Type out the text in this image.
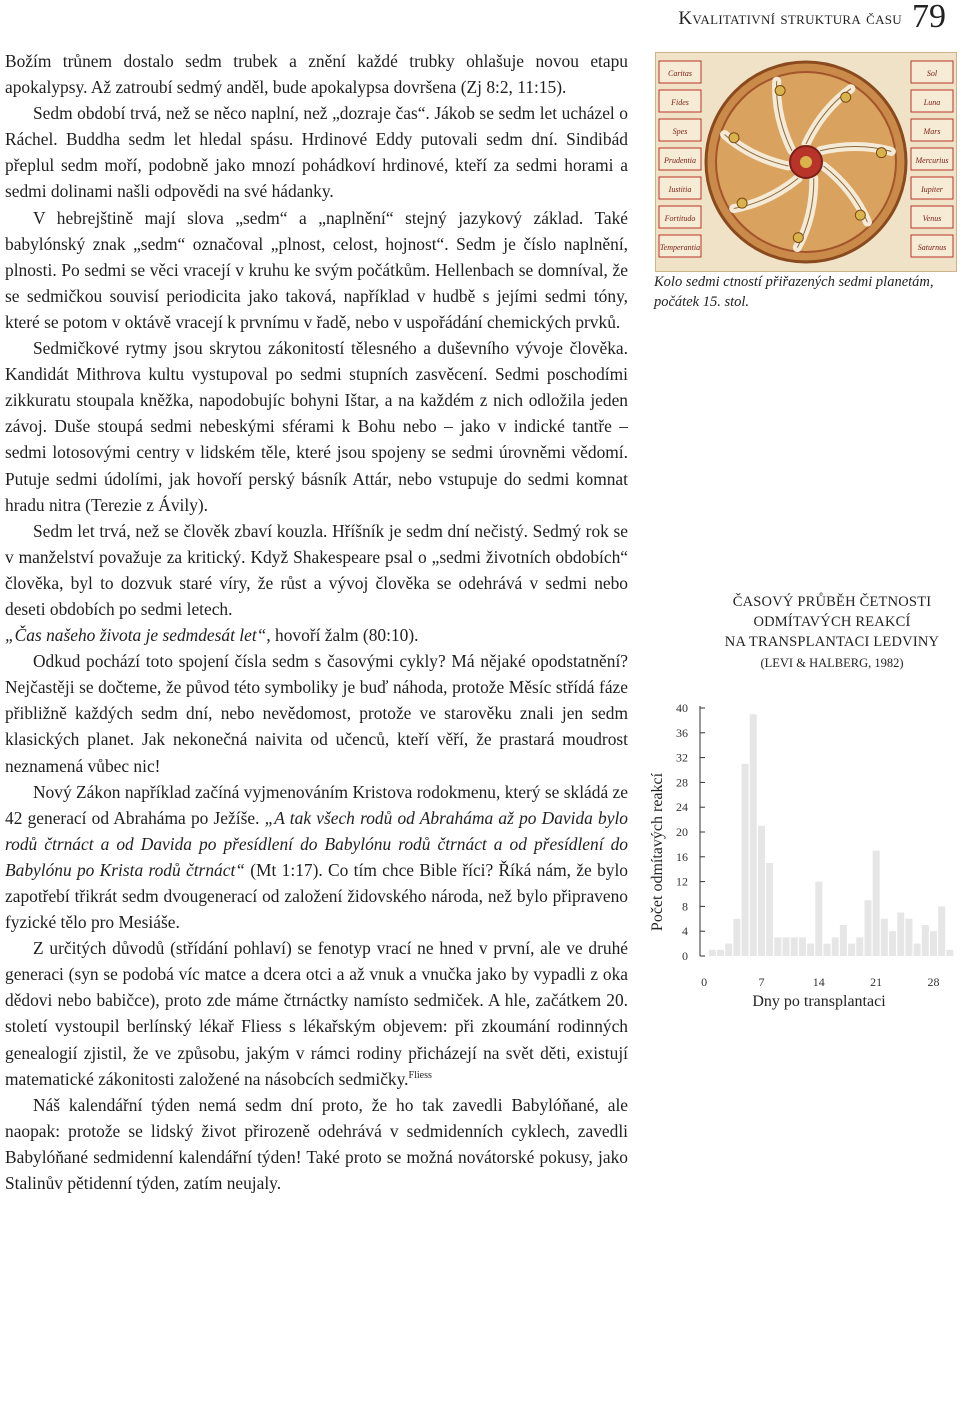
Kvalitativní struktura času 79

Božím trůnem dostalo sedm trubek a znění každé trubky ohlašuje novou etapu apokalypsy. Až zatroubí sedmý anděl, bude apokalypsa dovršena (Zj 8:2, 11:15).

Sedm období trvá, než se něco naplní, než „dozraje čas“. Jákob se sedm let ucházel o Ráchel. Buddha sedm let hledal spásu. Hrdinové Eddy putovali sedm dní. Sindibád přeplul sedm moří, podobně jako mnozí pohádkoví hrdinové, kteří za sedmi horami a sedmi dolinami našli odpovědi na své hádanky.

V hebrejštině mají slova „sedm“ a „naplnění“ stejný jazykový základ. Také babylónský znak „sedm“ označoval „plnost, celost, hojnost“. Sedm je číslo naplnění, plnosti. Po sedmi se věci vracejí v kruhu ke svým počátkům. Hellenbach se domníval, že se sedmičkou souvisí periodicita jako taková, například v hudbě s jejími sedmi tóny, které se potom v oktávě vracejí k prvnímu v řadě, nebo v uspořádání chemických prvků.

Sedmičkové rytmy jsou skrytou zákonitostí tělesného a duševního vývoje člověka. Kandidát Mithrova kultu vystupoval po sedmi stupních zasvěcení. Sedmi poschodími zikkuratu stoupala kněžka, napodobujíc bohyni Ištar, a na každém z nich odložila jeden závoj. Duše stoupá sedmi nebeskými sférami k Bohu nebo – jako v indické tantře – sedmi lotosovými centry v lidském těle, které jsou spojeny se sedmi úrovněmi vědomí. Putuje sedmi údolími, jak hovoří perský básník Attár, nebo vstupuje do sedmi komnat hradu nitra (Terezie z Ávily).

Sedm let trvá, než se člověk zbaví kouzla. Hříšník je sedm dní nečistý. Sedmý rok se v manželství považuje za kritický. Když Shakespeare psal o „sedmi životních obdobích“ člověka, byl to dozvuk staré víry, že růst a vývoj člověka se odehrává v sedmi nebo deseti obdobích po sedmi letech.
„Čas našeho života je sedmdesát let“, hovoří žalm (80:10).

Odkud pochází toto spojení čísla sedm s časovými cykly? Má nějaké opodstatnění? Nejčastěji se dočteme, že původ této symboliky je buď náhoda, protože Měsíc střídá fáze přibližně každých sedm dní, nebo nevědomost, protože ve starověku znali jen sedm klasických planet. Jak nekonečná naivita od učenců, kteří věří, že prastará moudrost neznamená vůbec nic!

Nový Zákon například začíná vyjmenováním Kristova rodokmenu, který se skládá ze 42 generací od Abraháma po Ježíše. „A tak všech rodů od Abraháma až po Davida bylo rodů čtrnáct a od Davida po přesídlení do Babylónu rodů čtrnáct a od přesídlení do Babylónu po Krista rodů čtrnáct“ (Mt 1:17). Co tím chce Bible říci? Říká nám, že bylo zapotřebí třikrát sedm dvougenerací od založení židovského národa, než bylo připraveno fyzické tělo pro Mesiáše.

Z určitých důvodů (střídání pohlaví) se fenotyp vrací ne hned v první, ale ve druhé generaci (syn se podobá víc matce a dcera otci a až vnuk a vnučka jako by vypadli z oka dědovi nebo babičce), proto zde máme čtrnáctky namísto sedmiček. A hle, začátkem 20. století vystoupil berlínský lékař Fliess s lékařským objevem: při zkoumání rodinných genealogií zjistil, že ve způsobu, jakým v rámci rodiny přicházejí na svět děti, existují matematické zákonitosti založené na násobcích sedmičky.$^{Fliess}$

Náš kalendářní týden nemá sedm dní proto, že ho tak zavedli Babylóňané, ale naopak: protože se lidský život přirozeně odehrává v sedmidenních cyklech, zavedli Babylóňané sedmidenní kalendářní týden! Také proto se možná novátorské pokusy, jako Stalinův pětidenní týden, zatím neujaly.

Caritas
Fides
Spes
Prudentia
Iustitia
Fortitudo
Temperantia
Sol
Luna
Mars
Mercurius
Iupiter
Venus
Saturnus
Kolo sedmi ctností přiřazených sedmi planetám, počátek 15. stol.
ČASOVÝ PRŮBĚH ČETNOSTI
ODMÍTAVÝCH REAKCÍ
NA TRANSPLANTACI LEDVINY
(LEVI & HALBERG, 1982)
0
4
8
12
16
20
24
28
32
36
40
0	7	14	21	28
Počet odmítavých reakcí
Dny po transplantaci
